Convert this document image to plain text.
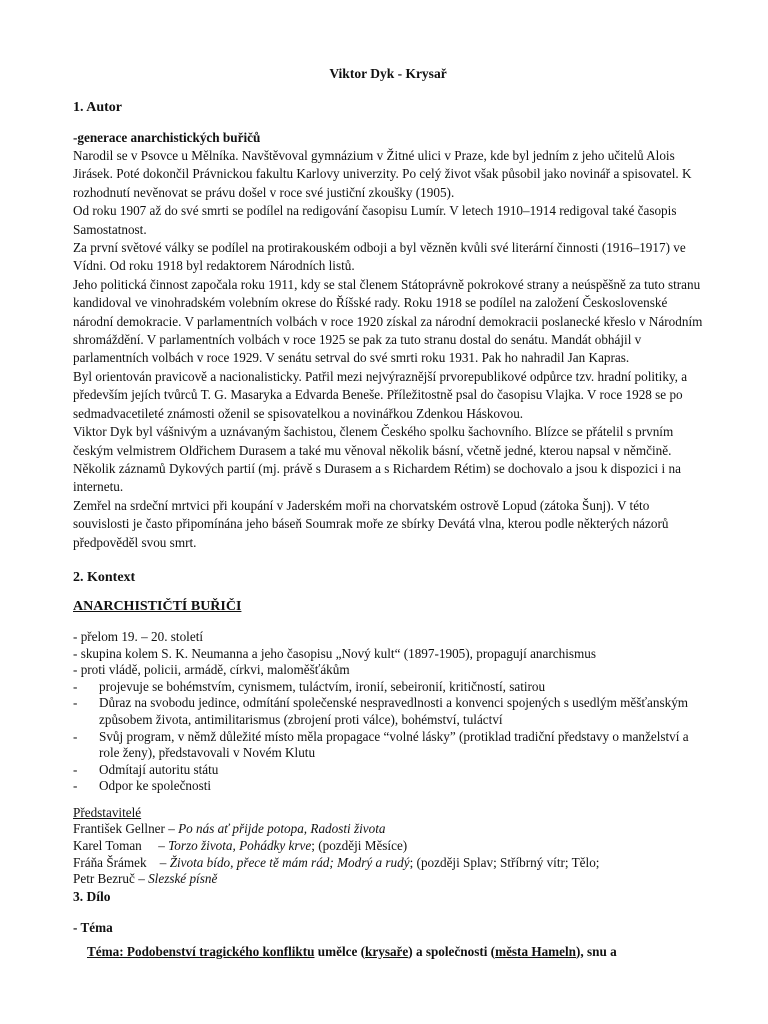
Viktor Dyk - Krysař
1. Autor
-generace anarchistických buřičů

Narodil se v Psovce u Mělníka. Navštěvoval gymnázium v Žitné ulici v Praze, kde byl jedním z jeho učitelů Alois Jirásek. Poté dokončil Právnickou fakultu Karlovy univerzity. Po celý život však působil jako novinář a spisovatel. K rozhodnutí nevěnovat se právu došel v roce své justiční zkoušky (1905).

Od roku 1907 až do své smrti se podílel na redigování časopisu Lumír. V letech 1910–1914 redigoval také časopis Samostatnost.

Za první světové války se podílel na protirakouském odboji a byl vězněn kvůli své literární činnosti (1916–1917) ve Vídni. Od roku 1918 byl redaktorem Národních listů.

Jeho politická činnost započala roku 1911, kdy se stal členem Státoprávně pokrokové strany a neúspěšně za tuto stranu kandidoval ve vinohradském volebním okrese do Říšské rady. Roku 1918 se podílel na založení Československé národní demokracie. V parlamentních volbách v roce 1920 získal za národní demokracii poslanecké křeslo v Národním shromáždění. V parlamentních volbách v roce 1925 se pak za tuto stranu dostal do senátu. Mandát obhájil v parlamentních volbách v roce 1929. V senátu setrval do své smrti roku 1931. Pak ho nahradil Jan Kapras.

Byl orientován pravicově a nacionalisticky. Patřil mezi nejvýraznější prvorepublikové odpůrce tzv. hradní politiky, a především jejích tvůrců T. G. Masaryka a Edvarda Beneše. Příležitostně psal do časopisu Vlajka. V roce 1928 se po sedmadvacetileté známosti oženil se spisovatelkou a novinářkou Zdenkou Háskovou.

Viktor Dyk byl vášnivým a uznávaným šachistou, členem Českého spolku šachovního. Blízce se přátelil s prvním českým velmistrem Oldřichem Durasem a také mu věnoval několik básní, včetně jedné, kterou napsal v němčině. Několik záznamů Dykových partií (mj. právě s Durasem a s Richardem Rétim) se dochovalo a jsou k dispozici i na internetu.

Zemřel na srdeční mrtvici při koupání v Jaderském moři na chorvatském ostrově Lopud (zátoka Šunj). V této souvislosti je často připomínána jeho báseň Soumrak moře ze sbírky Devátá vlna, kterou podle některých názorů předpověděl svou smrt.

2. Kontext
ANARCHISTIČTÍ BUŘIČI

- přelom 19. – 20. století

- skupina kolem S. K. Neumanna a jeho časopisu „Nový kult“ (1897-1905), propagují anarchismus

- proti vládě, policii, armádě, církvi, maloměšťákům

- projevuje se bohémstvím, cynismem, tuláctvím, ironií, sebeironií, kritičností, satirou
- Důraz na svobodu jedince, odmítání společenské nespravedlnosti a konvenci spojených s usedlým měšťanským způsobem života, antimilitarismus (zbrojení proti válce), bohémství, tuláctví
- Svůj program, v němž důležité místo měla propagace “volné lásky” (protiklad tradiční představy o manželství a role ženy), představovali v Novém Klutu
- Odmítají autoritu státu
- Odpor ke společnosti

Představitelé

František Gellner – Po nás ať přijde potopa, Radosti života

Karel Toman     – Torzo života, Pohádky krve; (později Měsíce)

Fráňa Šrámek    – Života bído, přece tě mám rád; Modrý a rudý; (později Splav; Stříbrný vítr; Tělo;

Petr Bezruč – Slezské písně

3. Dílo
- Téma
Téma: Podobenství tragického konfliktu umělce (krysaře) a společnosti (města Hameln), snu a
